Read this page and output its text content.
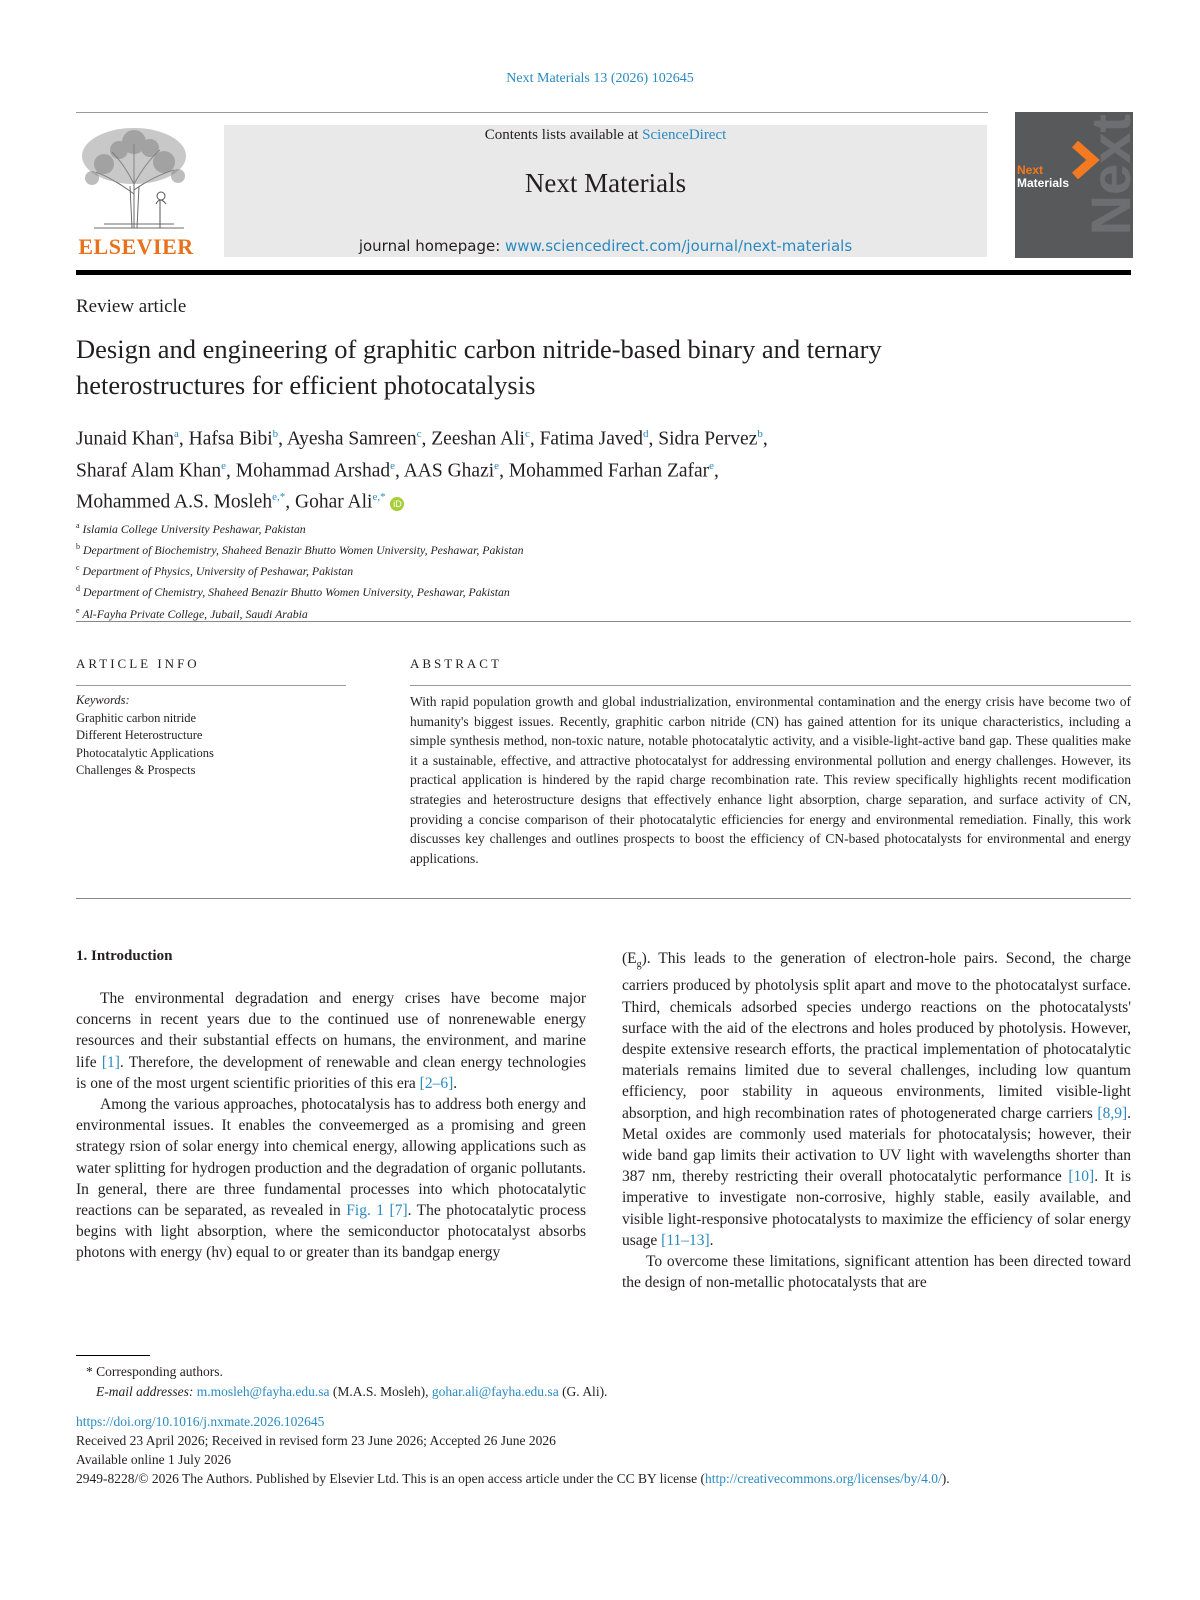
Next Materials 13 (2026) 102645
ELSEVIER
Contents lists available at ScienceDirect
Next Materials
journal homepage: www.sciencedirect.com/journal/next-materials
Next
Next
Materials
Review article
Design and engineering of graphitic carbon nitride-based binary and ternary heterostructures for efficient photocatalysis
Junaid Khan$^a$, Hafsa Bibi$^b$, Ayesha Samreen$^c$, Zeeshan Ali$^c$, Fatima Javed$^d$, Sidra Pervez$^b$,
Sharaf Alam Khan$^e$, Mohammad Arshad$^e$, AAS Ghazi$^e$, Mohammed Farhan Zafar$^e$,
Mohammed A.S. Mosleh$^{e,*}$, Gohar Ali$^{e,*}$ iD
$^a$ Islamia College University Peshawar, Pakistan
$^b$ Department of Biochemistry, Shaheed Benazir Bhutto Women University, Peshawar, Pakistan
$^c$ Department of Physics, University of Peshawar, Pakistan
$^d$ Department of Chemistry, Shaheed Benazir Bhutto Women University, Peshawar, Pakistan
$^e$ Al-Fayha Private College, Jubail, Saudi Arabia
ARTICLE INFO	ABSTRACT
Keywords:
Graphitic carbon nitride
Different Heterostructure
Photocatalytic Applications
Challenges & Prospects
With rapid population growth and global industrialization, environmental contamination and the energy crisis have become two of humanity's biggest issues. Recently, graphitic carbon nitride (CN) has gained attention for its unique characteristics, including a simple synthesis method, non-toxic nature, notable photocatalytic activity, and a visible-light-active band gap. These qualities make it a sustainable, effective, and attractive photocatalyst for addressing environmental pollution and energy challenges. However, its practical application is hindered by the rapid charge recombination rate. This review specifically highlights recent modification strategies and heterostructure designs that effectively enhance light absorption, charge separation, and surface activity of CN, providing a concise comparison of their photocatalytic efficiencies for energy and environmental remediation. Finally, this work discusses key challenges and outlines prospects to boost the efficiency of CN-based photocatalysts for environmental and energy applications.
1. Introduction

The environmental degradation and energy crises have become major concerns in recent years due to the continued use of nonrenewable energy resources and their substantial effects on humans, the environment, and marine life [1]. Therefore, the development of renewable and clean energy technologies is one of the most urgent scientific priorities of this era [2–6].

Among the various approaches, photocatalysis has to address both energy and environmental issues. It enables the conveemerged as a promising and green strategy rsion of solar energy into chemical energy, allowing applications such as water splitting for hydrogen production and the degradation of organic pollutants. In general, there are three fundamental processes into which photocatalytic reactions can be separated, as revealed in Fig. 1 [7]. The photocatalytic process begins with light absorption, where the semiconductor photocatalyst absorbs photons with energy (hv) equal to or greater than its bandgap energy

$(E_g)$. This leads to the generation of electron-hole pairs. Second, the charge carriers produced by photolysis split apart and move to the photocatalyst surface. Third, chemicals adsorbed species undergo reactions on the photocatalysts' surface with the aid of the electrons and holes produced by photolysis. However, despite extensive research efforts, the practical implementation of photocatalytic materials remains limited due to several challenges, including low quantum efficiency, poor stability in aqueous environments, limited visible-light absorption, and high recombination rates of photogenerated charge carriers [8,9]. Metal oxides are commonly used materials for photocatalysis; however, their wide band gap limits their activation to UV light with wavelengths shorter than 387 nm, thereby restricting their overall photocatalytic performance [10]. It is imperative to investigate non-corrosive, highly stable, easily available, and visible light-responsive photocatalysts to maximize the efficiency of solar energy usage [11–13].

To overcome these limitations, significant attention has been directed toward the design of non-metallic photocatalysts that are

* Corresponding authors.
E-mail addresses: m.mosleh@fayha.edu.sa (M.A.S. Mosleh), gohar.ali@fayha.edu.sa (G. Ali).
https://doi.org/10.1016/j.nxmate.2026.102645
Received 23 April 2026; Received in revised form 23 June 2026; Accepted 26 June 2026
Available online 1 July 2026
2949-8228/© 2026 The Authors. Published by Elsevier Ltd. This is an open access article under the CC BY license (http://creativecommons.org/licenses/by/4.0/).
